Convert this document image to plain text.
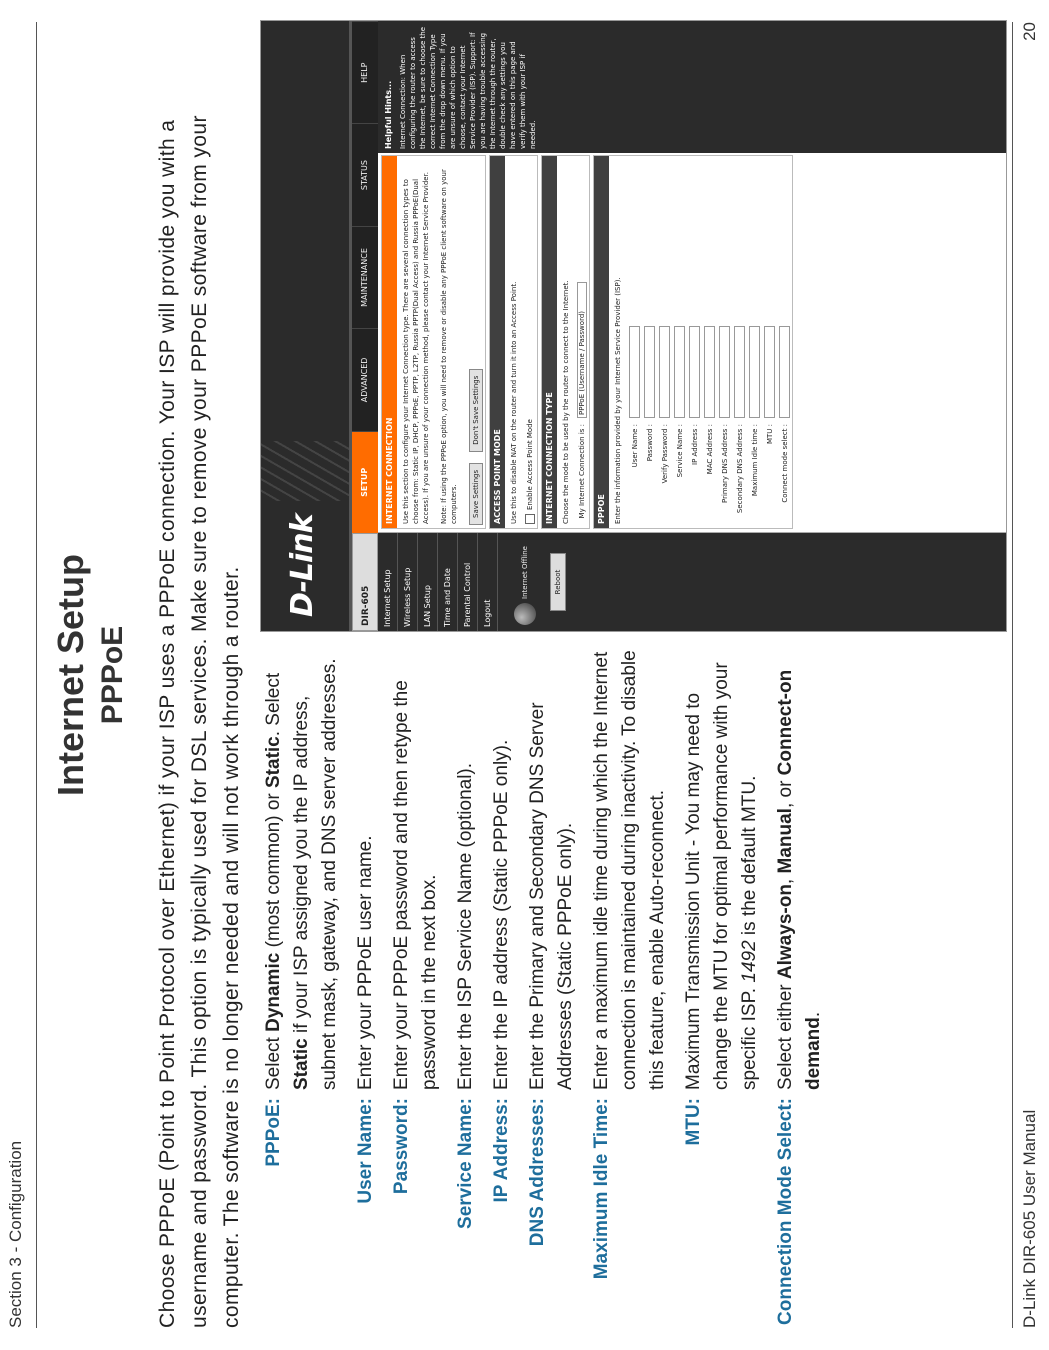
Section 3 - Configuration
Internet Setup PPPoE Choose PPPoE (Point to Point Protocol over Ethernet) if your ISP uses a PPPoE connection. Your ISP will provide you with a username and password. This option is typically used for DSL services. Make sure to remove your PPPoE software from your computer. The software is no longer needed and will not work through a router. PPPoE:
Select Dynamic (most common) or Static. Select Static if your ISP assigned you the IP address, subnet mask, gateway, and DNS server addresses.
User Name:
Enter your PPPoE user name.
Password:
Enter your PPPoE password and then retype the password in the next box.
Service Name:
Enter the ISP Service Name (optional).
IP Address:
Enter the IP address (Static PPPoE only).
DNS Addresses:
Enter the Primary and Secondary DNS Server Addresses (Static PPPoE only).
Maximum Idle Time:
Enter a maximum idle time during which the Internet connection is maintained during inactivity. To disable this feature, enable Auto-reconnect.
MTU:
Maximum Transmission Unit - You may need to change the MTU for optimal performance with your specific ISP. 1492 is the default MTU.
Connection Mode Select:
Select either Always-on, Manual, or Connect-on demand.
D-Link	DIR-605
SETUP
ADVANCED
MAINTENANCE
STATUS
HELP
Internet Setup	Wireless Setup	LAN Setup	Time and Date	Parental Control	Logout
Internet Offline	Reboot
INTERNET CONNECTION	Use this section to configure your Internet Connection type. There are several connection types to choose from: Static IP, DHCP, PPPoE, PPTP, L2TP, Russia PPTP(Dual Access) and Russia PPPoE(Dual Access). If you are unsure of your connection method, please contact your Internet Service Provider.	Note: If using the PPPoE option, you will need to remove or disable any PPPoE client software on your computers.	Save Settings Don't Save Settings
ACCESS POINT MODE	Use this to disable NAT on the router and turn it into an Access Point.	Enable Access Point Mode	INTERNET CONNECTION TYPE	Choose the mode to be used by the router to connect to the Internet.	My Internet Connection is :
PPPoE (Username / Password)
PPPOE	Enter the information provided by your Internet Service Provider (ISP).	User Name : Password : Verify Password : Service Name : IP Address : MAC Address : Primary DNS Address : Secondary DNS Address : Maximum Idle time : MTU : Connect mode select :
Helpful Hints... Internet Connection: When configuring the router to access the Internet, be sure to choose the correct Internet Connection Type from the drop down menu. If you are unsure of which option to choose, contact your Internet Service Provider (ISP). Support: If you are having trouble accessing the Internet through the router, double check any settings you have entered on this page and verify them with your ISP if needed.
D-Link DIR-605 User Manual
20
